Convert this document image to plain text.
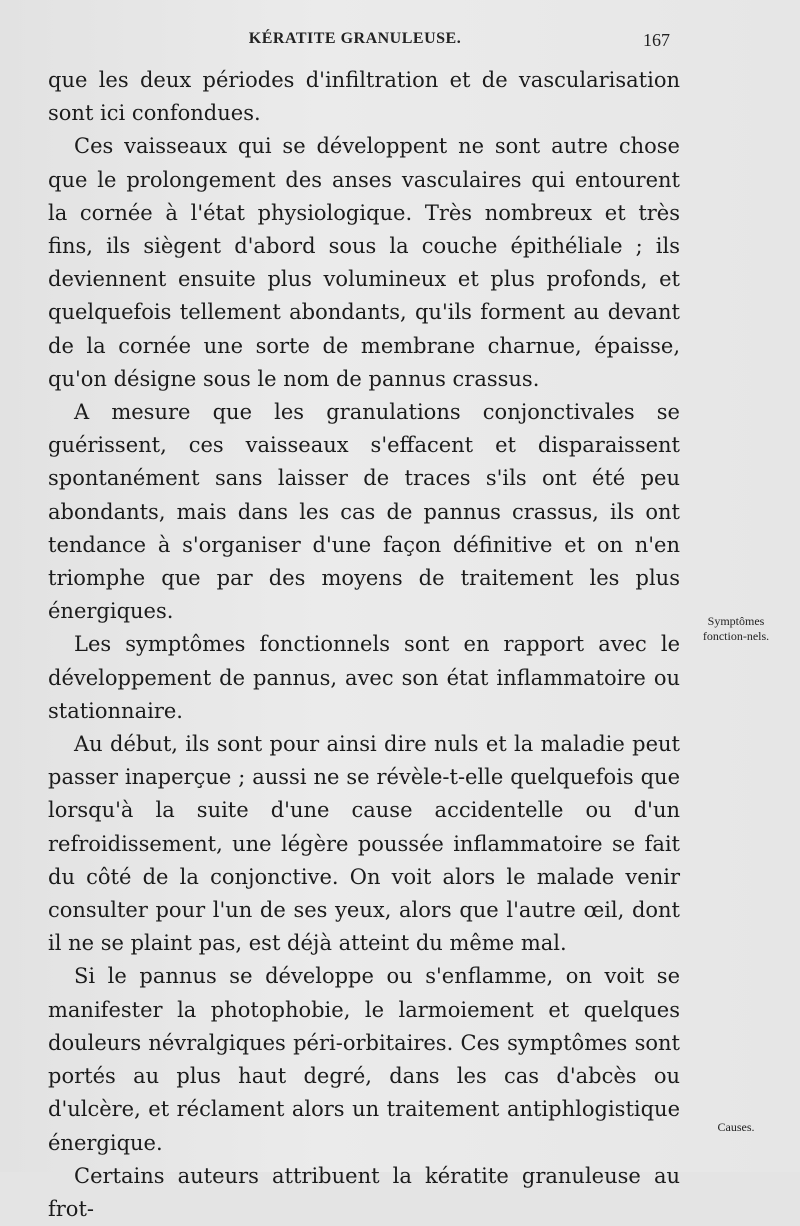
KÉRATITE GRANULEUSE.	167

que les deux périodes d'infiltration et de vascularisation sont ici confondues.

Ces vaisseaux qui se développent ne sont autre chose que le prolongement des anses vasculaires qui entourent la cornée à l'état physiologique. Très nombreux et très fins, ils siègent d'abord sous la couche épithéliale ; ils deviennent ensuite plus volumineux et plus profonds, et quelquefois tellement abondants, qu'ils forment au devant de la cornée une sorte de membrane charnue, épaisse, qu'on désigne sous le nom de pannus crassus.

A mesure que les granulations conjonctivales se guérissent, ces vaisseaux s'effacent et disparaissent spontanément sans laisser de traces s'ils ont été peu abondants, mais dans les cas de pannus crassus, ils ont tendance à s'organiser d'une façon définitive et on n'en triomphe que par des moyens de traitement les plus énergiques.

Les symptômes fonctionnels sont en rapport avec le développement de pannus, avec son état inflammatoire ou stationnaire.

Au début, ils sont pour ainsi dire nuls et la maladie peut passer inaperçue ; aussi ne se révèle-t-elle quelquefois que lorsqu'à la suite d'une cause accidentelle ou d'un refroidissement, une légère poussée inflammatoire se fait du côté de la conjonctive. On voit alors le malade venir consulter pour l'un de ses yeux, alors que l'autre œil, dont il ne se plaint pas, est déjà atteint du même mal.

Si le pannus se développe ou s'enflamme, on voit se manifester la photophobie, le larmoiement et quelques douleurs névralgiques péri-orbitaires. Ces symptômes sont portés au plus haut degré, dans les cas d'abcès ou d'ulcère, et réclament alors un traitement antiphlogistique énergique.

Certains auteurs attribuent la kératite granuleuse au frot-

Symptômes fonction-nels.
Causes.
